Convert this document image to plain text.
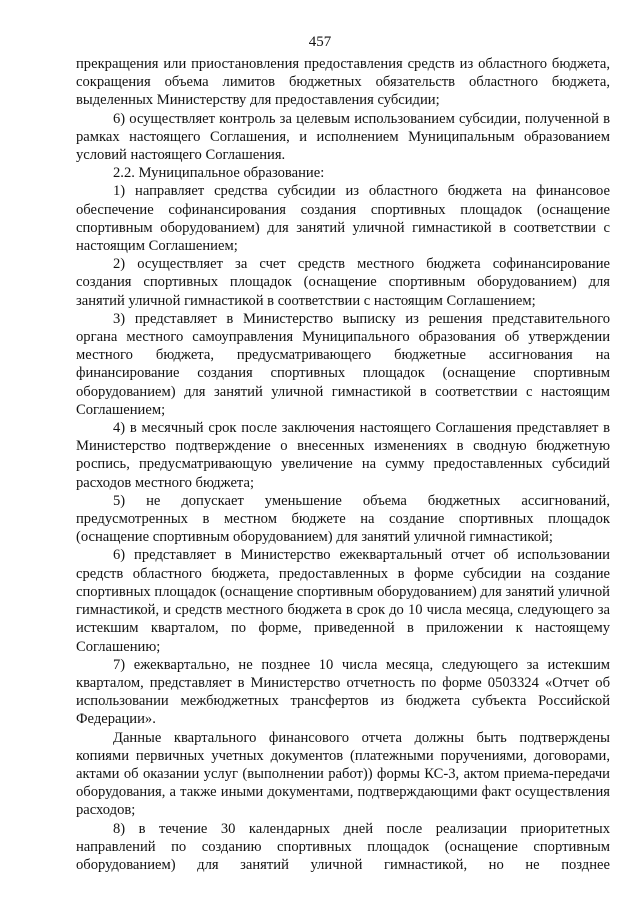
457

прекращения или приостановления предоставления средств из областного бюджета, сокращения объема лимитов бюджетных обязательств областного бюджета, выделенных Министерству для предоставления субсидии;

6) осуществляет контроль за целевым использованием субсидии, полученной в рамках настоящего Соглашения, и исполнением Муниципальным образованием условий настоящего Соглашения.

2.2. Муниципальное образование:

1) направляет средства субсидии из областного бюджета на финансовое обеспечение софинансирования создания спортивных площадок (оснащение спортивным оборудованием) для занятий уличной гимнастикой в соответствии с настоящим Соглашением;

2) осуществляет за счет средств местного бюджета софинансирование создания спортивных площадок (оснащение спортивным оборудованием) для занятий уличной гимнастикой в соответствии с настоящим Соглашением;

3) представляет в Министерство выписку из решения представительного органа местного самоуправления Муниципального образования об утверждении местного бюджета, предусматривающего бюджетные ассигнования на финансирование создания спортивных площадок (оснащение спортивным оборудованием) для занятий уличной гимнастикой в соответствии с настоящим Соглашением;

4) в месячный срок после заключения настоящего Соглашения представляет в Министерство подтверждение о внесенных изменениях в сводную бюджетную роспись, предусматривающую увеличение на сумму предоставленных субсидий расходов местного бюджета;

5) не допускает уменьшение объема бюджетных ассигнований, предусмотренных в местном бюджете на создание спортивных площадок (оснащение спортивным оборудованием) для занятий уличной гимнастикой;

6) представляет в Министерство ежеквартальный отчет об использовании средств областного бюджета, предоставленных в форме субсидии на создание спортивных площадок (оснащение спортивным оборудованием) для занятий уличной гимнастикой, и средств местного бюджета в срок до 10 числа месяца, следующего за истекшим кварталом, по форме, приведенной в приложении к настоящему Соглашению;

7) ежеквартально, не позднее 10 числа месяца, следующего за истекшим кварталом, представляет в Министерство отчетность по форме 0503324 «Отчет об использовании межбюджетных трансфертов из бюджета субъекта Российской Федерации».

Данные квартального финансового отчета должны быть подтверждены копиями первичных учетных документов (платежными поручениями, договорами, актами об оказании услуг (выполнении работ)) формы КС-3, актом приема-передачи оборудования, а также иными документами, подтверждающими факт осуществления расходов;

8) в течение 30 календарных дней после реализации приоритетных направлений по созданию спортивных площадок (оснащение спортивным оборудованием) для занятий уличной гимнастикой, но не позднее
